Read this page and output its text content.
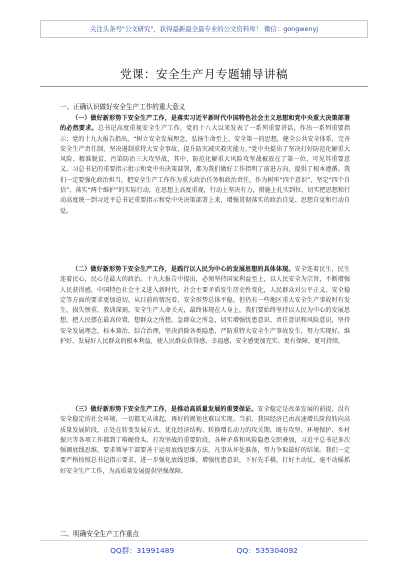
关注头条号"公文研究"，获得最新最全最专业的公文资料库！ 微信：gongwenyj
党课：安全生产月专题辅导讲稿
一、正确认识做好安全生产工作的重大意义
（一）做好新形势下安全生产工作，是落实习近平新时代中国特色社会主义思想和党中央重大决策部署的必然要求。总书记高度重视安全生产工作，党的十八大以来发表了一系列重要讲话，作出一系列重要指示；党的十九大报告指出，“树立安全发展理念，弘扬生命至上、安全第一的思想，健全公共安全体系，完善安全生产责任制，坚决遏制重特大安全事故，提升防灾减灾救灾能力。”党中央提出了坚决打好防范化解重大风险、精准脱贫、污染防治三大攻坚战，其中，防范化解重大风险攻坚战被放在了第一位，可见其重要意义。习总书记的重要指示批示和党中央决策部署，都为我们做好工作指明了前进方向，提供了根本遵循。我们一定要强化政治担当，把安全生产工作作为重大政治任务和政治责任，作为树牢“四个意识”、坚定“四个自信”、落实“两个维护”的实际行动，在思想上高度重视，行动上坚决有力，措施上扎实到位，切实把思想和行动高度统一到习近平总书记重要指示和党中央决策部署上来，增强贯彻落实的政治自觉、思想自觉和行动自觉。
（二）做好新形势下安全生产工作，是践行以人民为中心的发展思想的具体体现。安全连着民生，民生连着民心，民心是最大的政治。十九大报告中提出，必须坚持国家利益至上，以人民安全为宗旨，不断增强人民获得感，中国特色社会主义进入新时代，社会主要矛盾发生历史性变化，人民群众对公平正义、安全稳定等方面的要求更加迫切。从目前的情况看，安全形势总体平稳，但仍有一些地区重大安全生产事故时有发生，损失惨重，教训深刻。安全生产人命关天，最终体现在人身上，我们要始终坚持以人民为中心的发展思想，把人民摆在最高位置，想群众之所想，急群众之所急，切实增强忧患意识、责任意识和风险意识，坚持安全发展理念，标本兼治、综合治理，坚决消除各类隐患，严防重特大安全生产事故发生，努力实现好、维护好、发展好人民群众的根本利益，使人民群众获得感、幸福感、安全感更加充实、更有保障、更可持续。
（三）做好新形势下安全生产工作，是推动高质量发展的重要保证。安全稳定是改革发展的前提，没有安全稳定的社会环境，一切都无从谈起，再好的规划也难以实现。当前，我国经济已由高速增长阶段转向高质量发展阶段，正处在转变发展方式、优化经济结构、转换增长动力的攻关期，既有攻坚、环境保护、乡村振兴等各项工作都到了啃硬骨头、打攻坚战的重要阶段，各种矛盾和风险隐患交织叠加，习近平总书记多次强调底线思维，要求领导干部要善于运用底线思维方法，凡事从坏处准备，努力争取最好的结果。我们一定要严格按照总书记指示要求，进一步强化底线思维，增强忧患意识，下好先手棋，打好主动仗，毫不动摇抓好安全生产工作，为高质量发展提供坚强保障。
二、明确安全生产工作重点
QQ群：31991489	QQ：535304092
